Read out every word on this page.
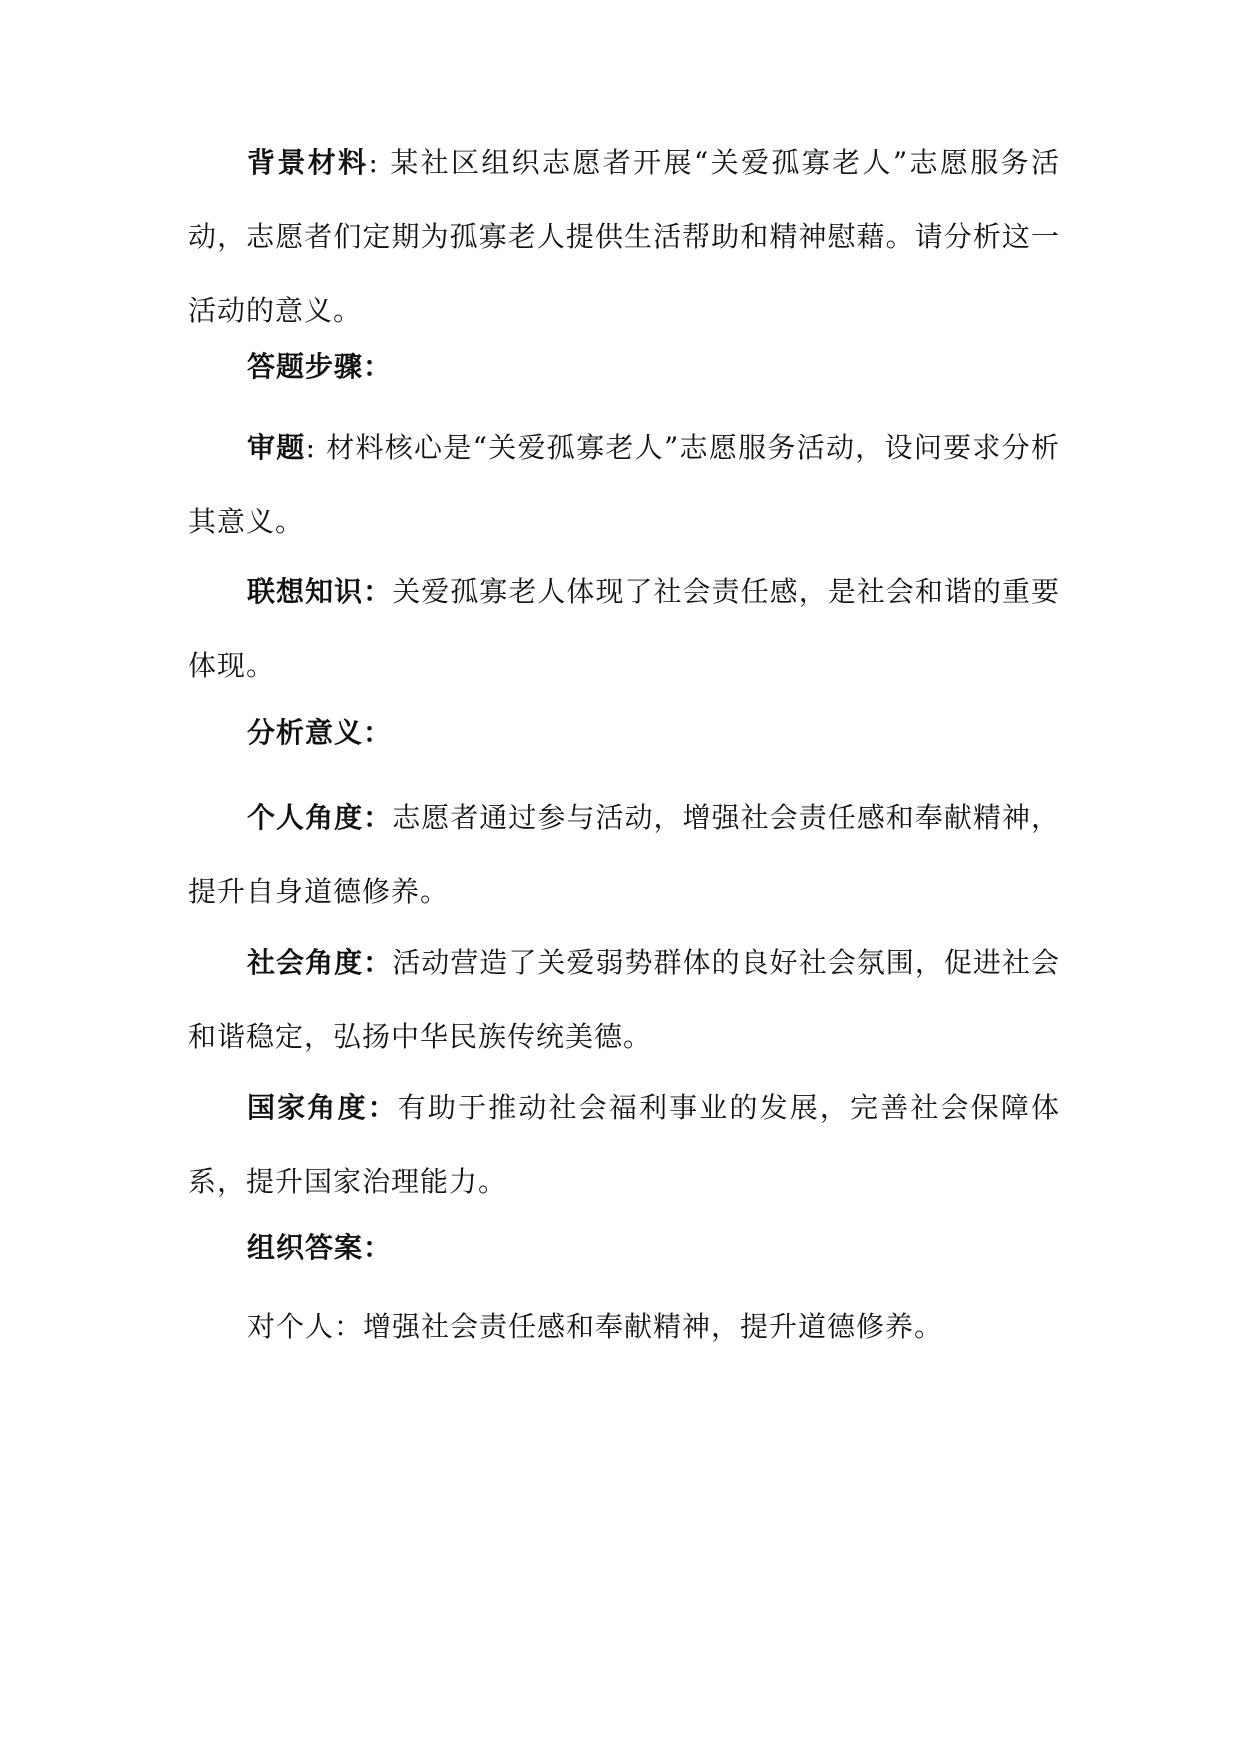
背景材料: 某社区组织志愿者开展“关爱孤寡老人”志愿服务活动，志愿者们定期为孤寡老人提供生活帮助和精神慰藉。请分析这一活动的意义。

答题步骤：

审题: 材料核心是“关爱孤寡老人”志愿服务活动，设问要求分析其意义。

联想知识：关爱孤寡老人体现了社会责任感，是社会和谐的重要体现。

分析意义：

个人角度：志愿者通过参与活动，增强社会责任感和奉献精神，提升自身道德修养。

社会角度：活动营造了关爱弱势群体的良好社会氛围，促进社会和谐稳定，弘扬中华民族传统美德。

国家角度：有助于推动社会福利事业的发展，完善社会保障体系，提升国家治理能力。

组织答案：

对个人：增强社会责任感和奉献精神，提升道德修养。
